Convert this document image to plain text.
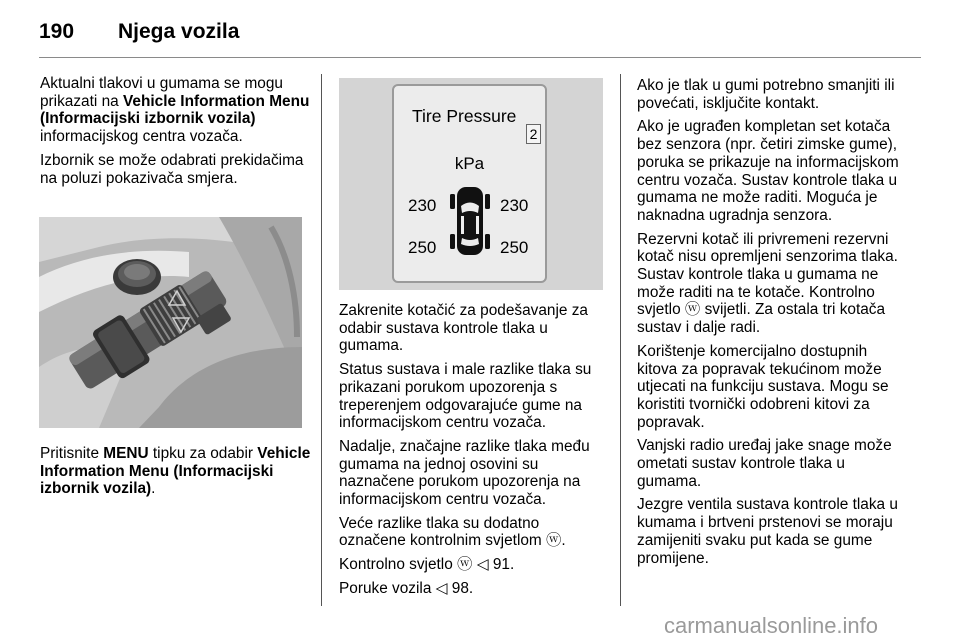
190 Njega vozila

Aktualni tlakovi u gumama se mogu prikazati na Vehicle Information Menu (Informacijski izbornik vozila) informacijskog centra vozača.

Izbornik se može odabrati prekidačima na poluzi pokazivača smjera.

Pritisnite MENU tipku za odabir Vehicle Information Menu (Informacijski izbornik vozila).

Tire Pressure
2
kPa
230	230
250	250

Zakrenite kotačić za podešavanje za odabir sustava kontrole tlaka u gumama.

Status sustava i male razlike tlaka su prikazani porukom upozorenja s treperenjem odgovarajuće gume na informacijskom centru vozača.

Nadalje, značajne razlike tlaka među gumama na jednoj osovini su naznačene porukom upozorenja na informacijskom centru vozača.

Veće razlike tlaka su dodatno označene kontrolnim svjetlom ⓦ.

Kontrolno svjetlo ⓦ ◁ 91.

Poruke vozila ◁ 98.

Ako je tlak u gumi potrebno smanjiti ili povećati, isključite kontakt.

Ako je ugrađen kompletan set kotača bez senzora (npr. četiri zimske gume), poruka se prikazuje na informacijskom centru vozača. Sustav kontrole tlaka u gumama ne može raditi. Moguća je naknadna ugradnja senzora.

Rezervni kotač ili privremeni rezervni kotač nisu opremljeni senzorima tlaka. Sustav kontrole tlaka u gumama ne može raditi na te kotače. Kontrolno svjetlo ⓦ svijetli. Za ostala tri kotača sustav i dalje radi.

Korištenje komercijalno dostupnih kitova za popravak tekućinom može utjecati na funkciju sustava. Mogu se koristiti tvornički odobreni kitovi za popravak.

Vanjski radio uređaj jake snage može ometati sustav kontrole tlaka u gumama.

Jezgre ventila sustava kontrole tlaka u kumama i brtveni prstenovi se moraju zamijeniti svaku put kada se gume promijene.

carmanualsonline.info
